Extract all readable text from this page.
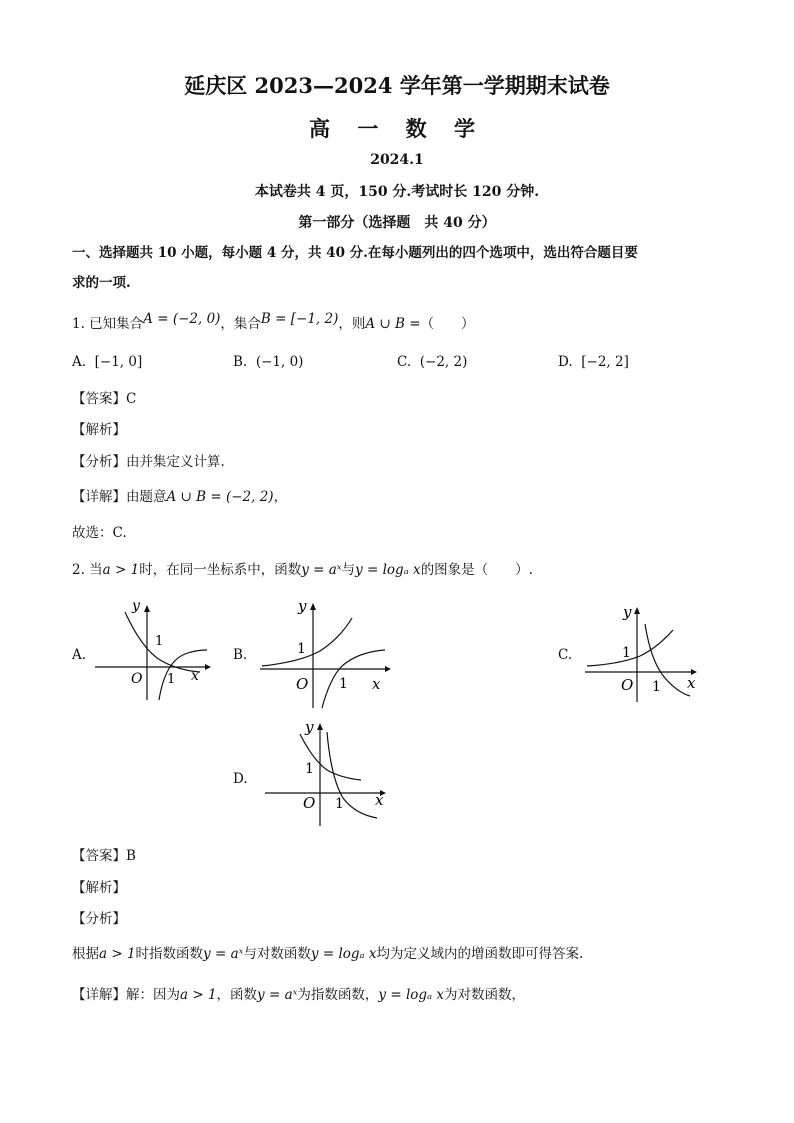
延庆区 2023—2024 学年第一学期期末试卷
高 一 数 学
2024.1
本试卷共 4 页，150 分.考试时长 120 分钟.
第一部分（选择题　共 40 分）
一、选择题共 10 小题，每小题 4 分，共 40 分.在每小题列出的四个选项中，选出符合题目要
求的一项.
1. 已知集合A = (−2, 0)，集合B = [−1, 2)，则A ∪ B =（　　）
A. [−1, 0]	B. (−1, 0)	C. (−2, 2)	D. [−2, 2]
【答案】C
【解析】
【分析】由并集定义计算.
【详解】由题意A ∪ B = (−2, 2)，
故选：C.
2. 当a > 1时，在同一坐标系中，函数y = aˣ与y = logₐ x的图象是（　　）.
A.	B.	C.
D.
y
x
O
1
1
y
x
O
1
1
y
x
O
1
1
y
x
O
1
1
【答案】B
【解析】
【分析】
根据a > 1时指数函数y = aˣ与对数函数y = logₐ x均为定义域内的增函数即可得答案.
【详解】解：因为a > 1，函数y = aˣ为指数函数，y = logₐ x为对数函数，
